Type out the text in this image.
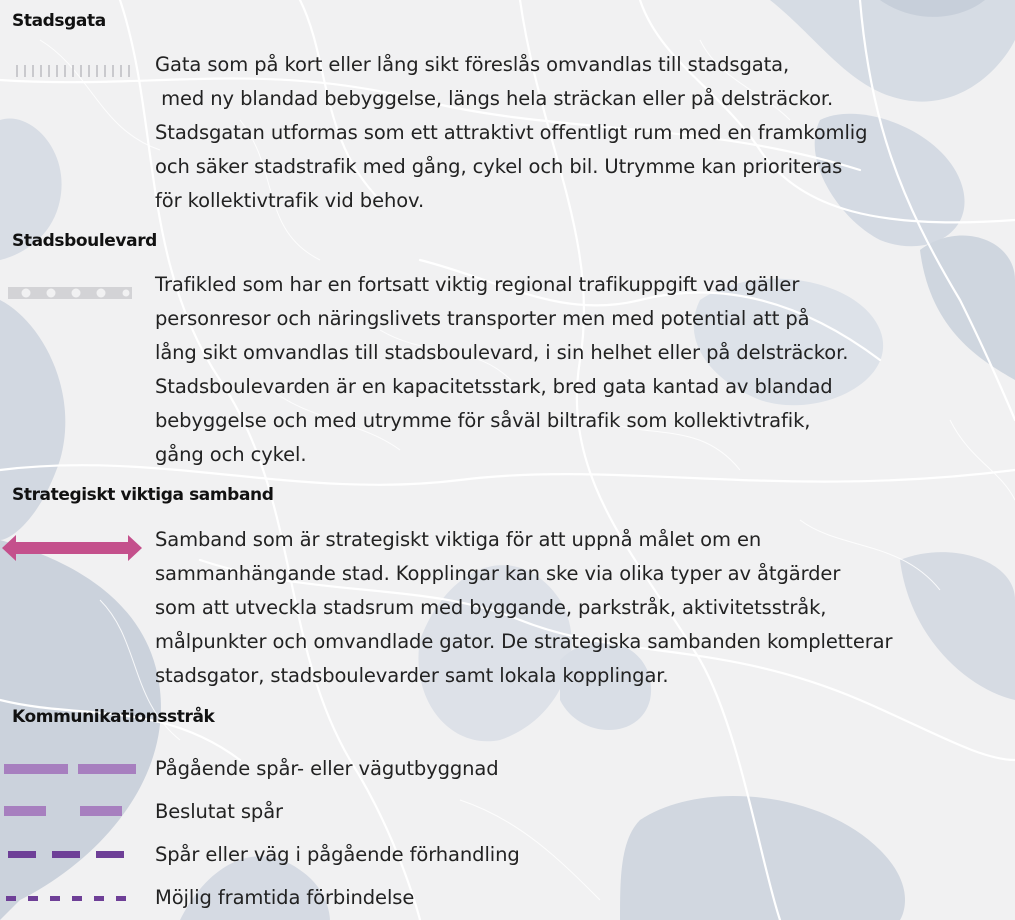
Stadsgata
Gata som på kort eller lång sikt föreslås omvandlas till stadsgata,
med ny blandad bebyggelse, längs hela sträckan eller på delsträckor.
Stadsgatan utformas som ett attraktivt offentligt rum med en framkomlig
och säker stadstrafik med gång, cykel och bil. Utrymme kan prioriteras
för kollektivtrafik vid behov.
Stadsboulevard
Trafikled som har en fortsatt viktig regional trafikuppgift vad gäller
personresor och näringslivets transporter men med potential att på
lång sikt omvandlas till stadsboulevard, i sin helhet eller på delsträckor.
Stadsboulevarden är en kapacitetsstark, bred gata kantad av blandad
bebyggelse och med utrymme för såväl biltrafik som kollektivtrafik,
gång och cykel.
Strategiskt viktiga samband
Samband som är strategiskt viktiga för att uppnå målet om en
sammanhängande stad. Kopplingar kan ske via olika typer av åtgärder
som att utveckla stadsrum med byggande, parkstråk, aktivitetsstråk,
målpunkter och omvandlade gator. De strategiska sambanden kompletterar
stadsgator, stadsboulevarder samt lokala kopplingar.
Kommunikationsstråk
Pågående spår- eller vägutbyggnad
Beslutat spår
Spår eller väg i pågående förhandling
Möjlig framtida förbindelse
